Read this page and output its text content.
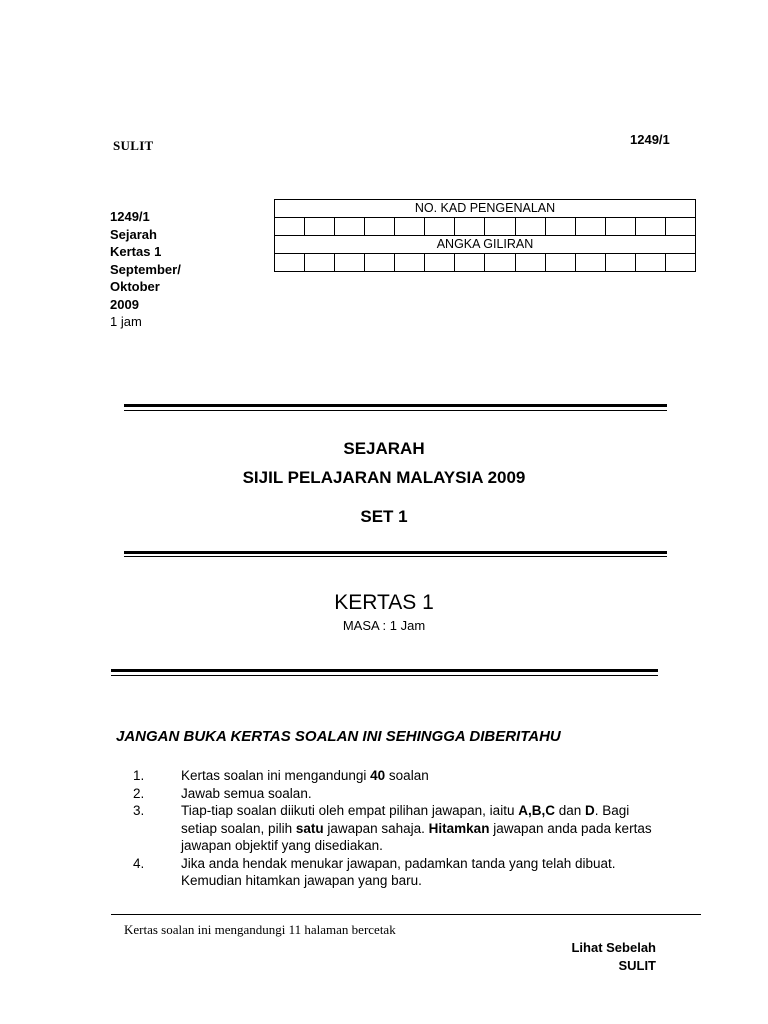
SULIT	1249/1
1249/1
Sejarah
Kertas 1
September/
Oktober
2009
1 jam
NO. KAD PENGENALAN													

ANGKA GILIRAN													

SEJARAH
SIJIL PELAJARAN MALAYSIA 2009
SET 1
KERTAS 1
MASA : 1 Jam
JANGAN BUKA KERTAS SOALAN INI SEHINGGA DIBERITAHU
1.	Kertas soalan ini mengandungi 40 soalan
2.	Jawab semua soalan.
3.	Tiap-tiap soalan diikuti oleh empat pilihan jawapan, iaitu A,B,C dan D. Bagi setiap soalan, pilih satu jawapan sahaja. Hitamkan jawapan anda pada kertas jawapan objektif yang disediakan.
4.	Jika anda hendak menukar jawapan, padamkan tanda yang telah dibuat. Kemudian hitamkan jawapan yang baru.
Kertas soalan ini mengandungi 11 halaman bercetak
Lihat Sebelah
SULIT
